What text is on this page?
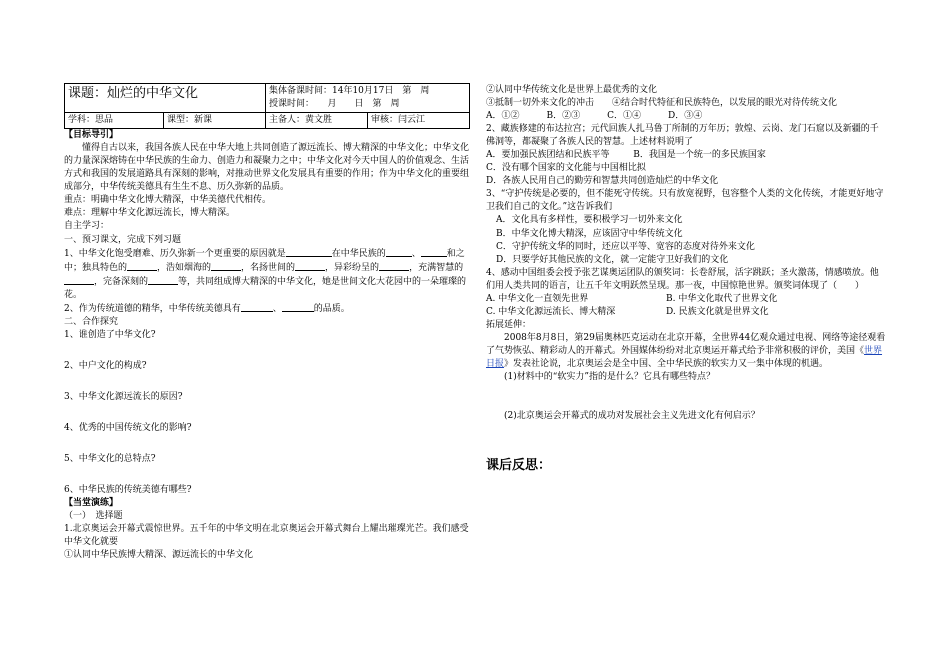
课题：灿烂的中华文化		集体备课时间：14年10月17日　第　周
授课时间：　　月　　日　第　周	

学科：思品	课型：新课	主备人：黄文胜	审核：闫云江

【目标导引】

懂得自古以来，我国各族人民在中华大地上共同创造了源远流长、博大精深的中华文化；中华文化的力量深深熔铸在中华民族的生命力、创造力和凝聚力之中；中华文化对今天中国人的价值观念、生活方式和我国的发展道路具有深刻的影响，对推动世界文化发展具有重要的作用；作为中华文化的重要组成部分，中华传统美德具有生生不息、历久弥新的品质。

重点：明确中华文化博大精深，中华美德代代相传。

难点：理解中华文化源远流长，博大精深。

自主学习：

一、预习课文，完成下列习题

1、中华文化饱受磨难、历久弥新一个更重要的原因就是	在中华民族的	、	和之中；独具特色的	，浩如烟海的	，名扬世间的	，异彩纷呈的	，充满智慧的，完备深刻的	等，共同组成博大精深的中华文化，她是世间文化大花园中的一朵璀璨的花。

2、作为传统道德的精华，中华传统美德具有	、	的品质。

二、合作探究

1、谁创造了中华文化?

2、中户文化的构成?

3、中华文化源远流长的原因?

4、优秀的中国传统文化的影响?

5、中华文化的总特点?

6、中华民族的传统美德有哪些?

【当堂演练】

（一）　选择题

1.北京奥运会开幕式震惊世界。五千年的中华文明在北京奥运会开幕式舞台上耀出璀璨光芒。我们感受中华文化就要

①认同中华民族博大精深、源远流长的中华文化

②认同中华传统文化是世界上最优秀的文化

③抵制一切外来文化的冲击　　④结合时代特征和民族特色，以发展的眼光对待传统文化

A．①②　　　B．②③　　　C．①④　　　D．③④

2、藏族修建的布达拉宫；元代回族人扎马鲁丁所制的万年历；敦煌、云岗、龙门石窟以及新疆的千佛洞等，都凝聚了各族人民的智慧。上述材料说明了

A．要加强民族团结和民族平等	B．我国是一个统一的多民族国家

C．没有哪个国家的文化能与中国相比拟

D．各族人民用自己的勤劳和智慧共同创造灿烂的中华文化

3、“守护传统是必要的，但不能死守传统。只有放宽视野，包容整个人类的文化传统，才能更好地守卫我们自己的文化。”这告诉我们

A．文化具有多样性，要积极学习一切外来文化

B．中华文化博大精深，应该固守中华传统文化

C．守护传统文华的同时，还应以平等、宽容的态度对待外来文化

D．只要学好其他民族的文化，就一定能守卫好我们的文化

4、感动中国组委会授予张艺谋奥运团队的颁奖词：长卷舒展，活字跳跃；圣火激荡，情感喷放。他们用人类共同的语言，让五千年文明跃然呈现。那一夜，中国惊艳世界。颁奖词体现了（　　）

A. 中华文化一直领先世界	B. 中华文化取代了世界文化

C. 中华文化源远流长、博大精深	D. 民族文化就是世界文化

拓展延伸：

2008年8月8日，第29届奥林匹克运动在北京开幕，全世界44亿观众通过电视、网络等途径观看了气势恢弘、精彩动人的开幕式。外国媒体纷纷对北京奥运开幕式给予非常积极的评价，美国《世界日报》发表社论说，北京奥运会是全中国、全中华民族的软实力又一集中体现的机遇。

(1)材料中的“软实力”指的是什么？它具有哪些特点？

(2)北京奥运会开幕式的成功对发展社会主义先进文化有何启示？

课后反思：
